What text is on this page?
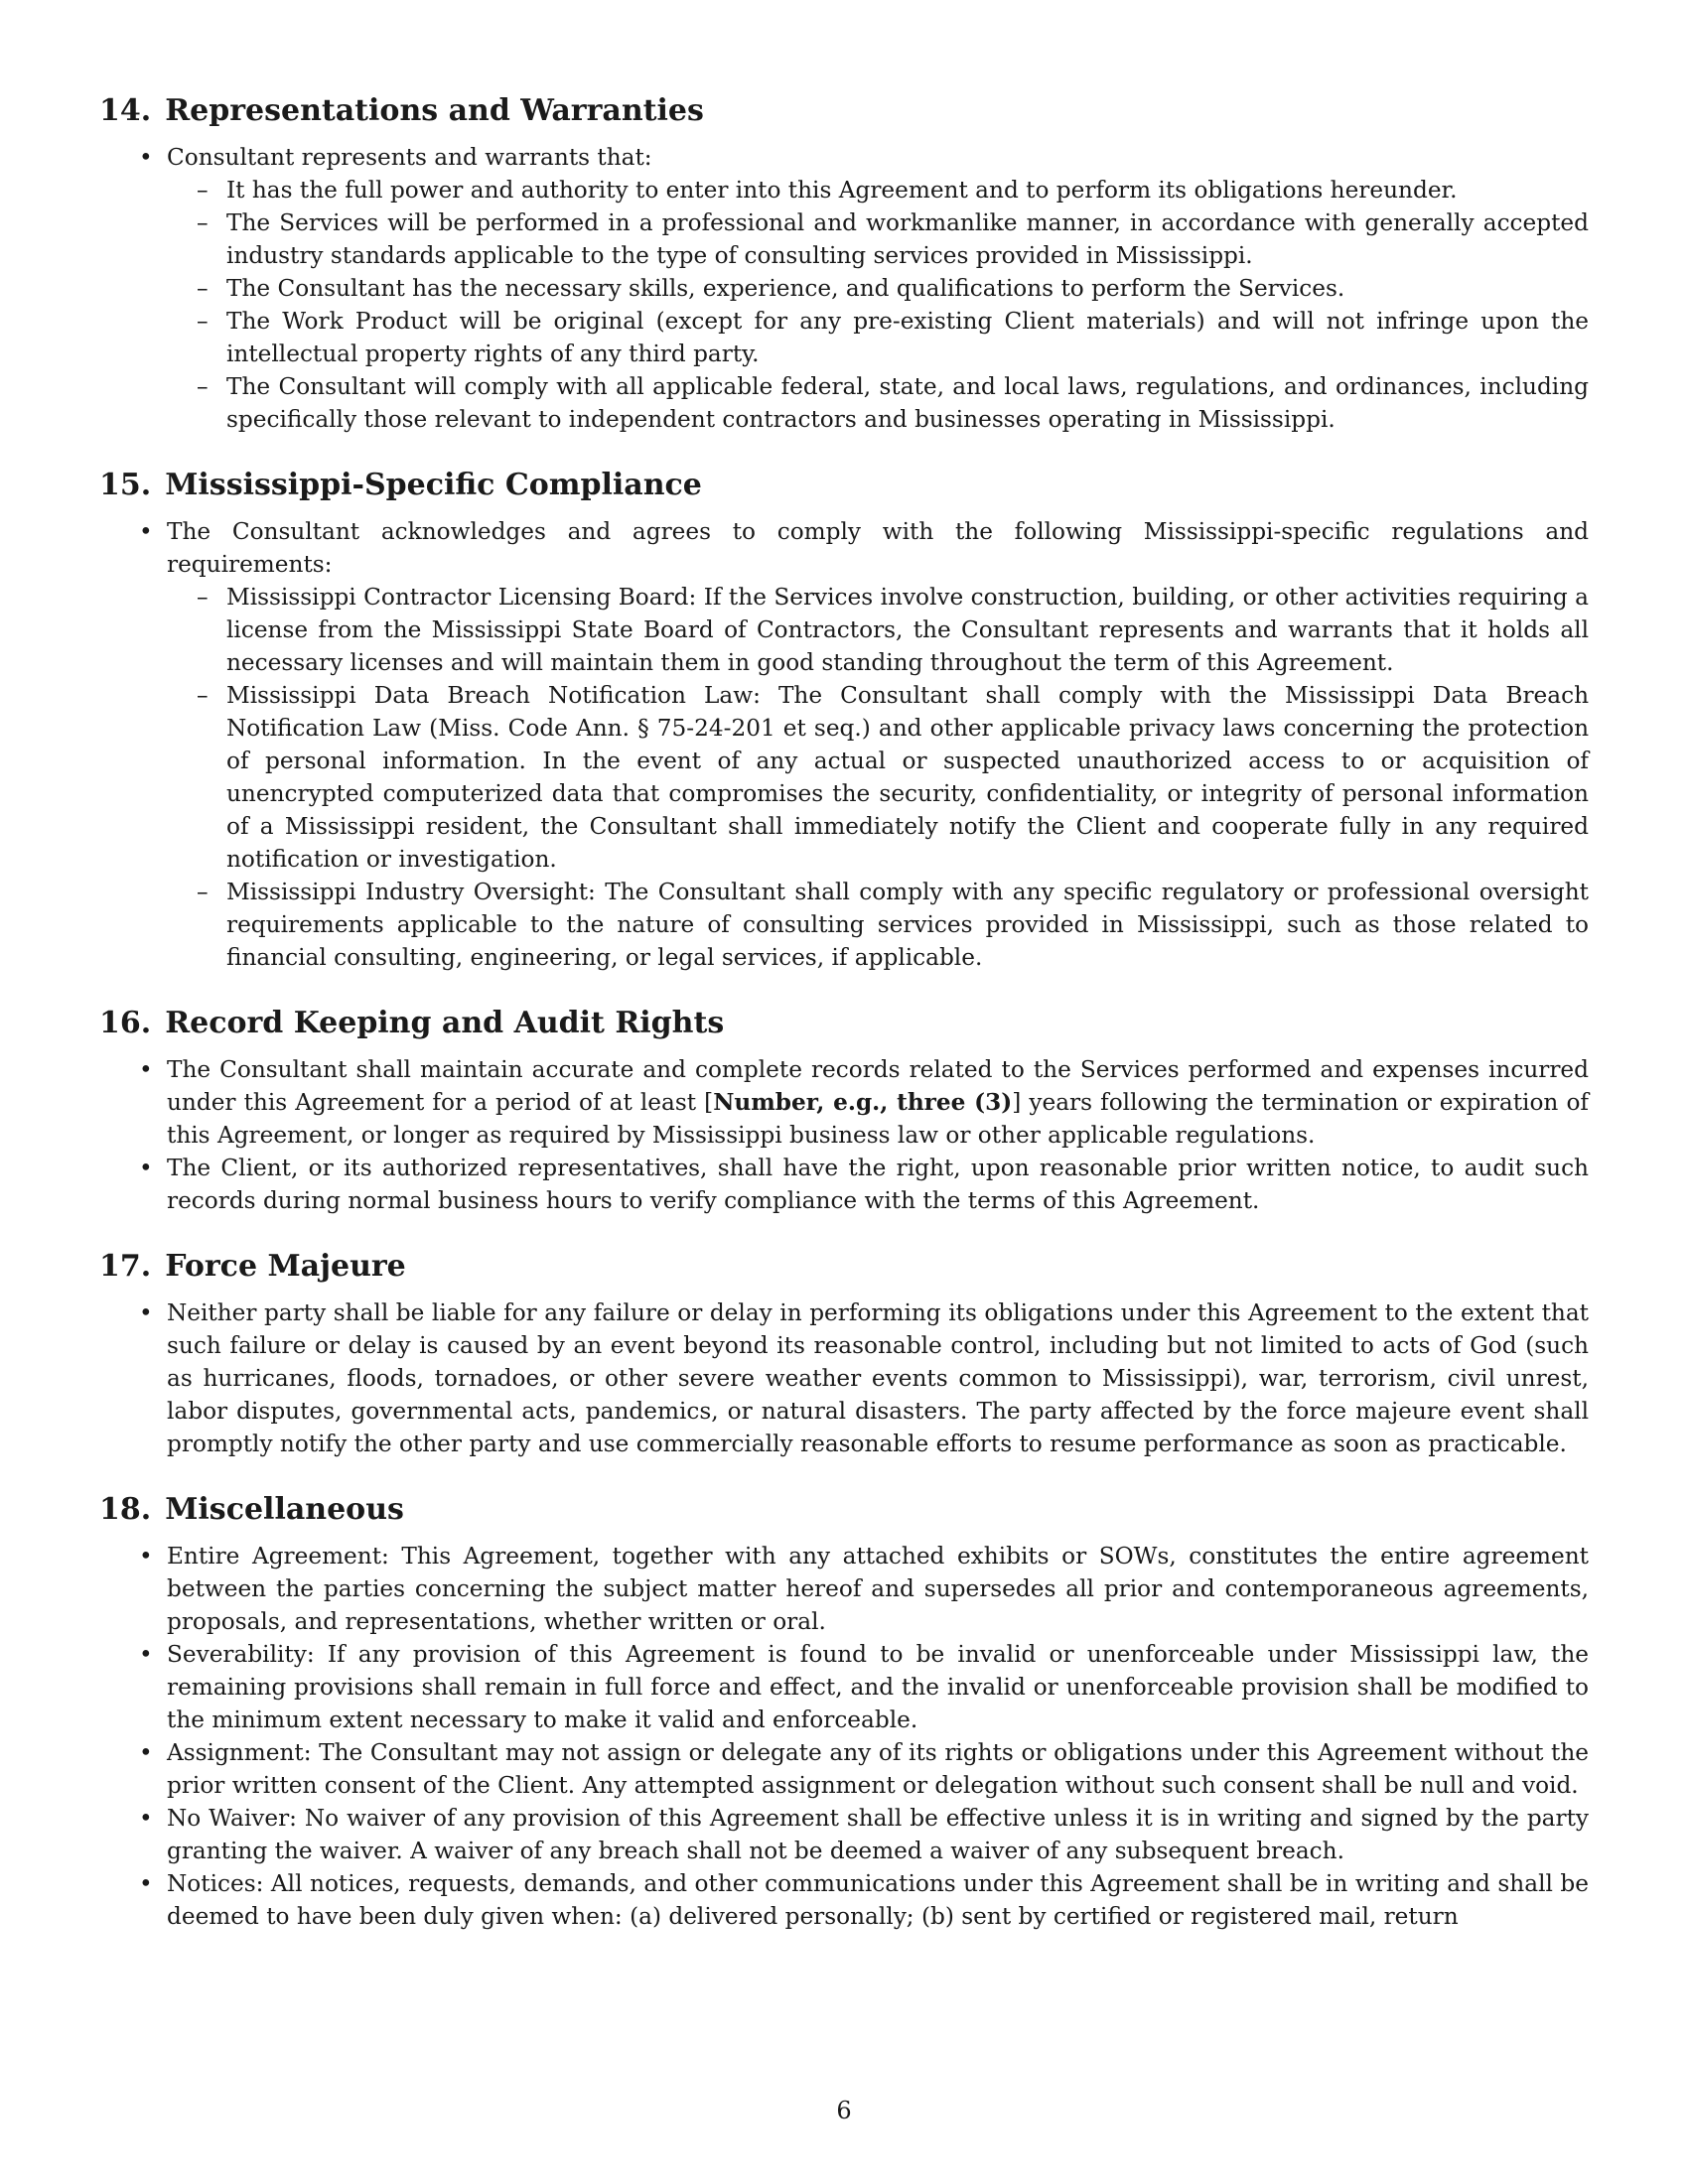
14. Representations and Warranties
• Consultant represents and warrants that:
– It has the full power and authority to enter into this Agreement and to perform its obligations hereunder.
– The Services will be performed in a professional and workmanlike manner, in accordance with generally accepted industry standards applicable to the type of consulting services provided in Mississippi.
– The Consultant has the necessary skills, experience, and qualifications to perform the Services.
– The Work Product will be original (except for any pre-existing Client materials) and will not infringe upon the intellectual property rights of any third party.
– The Consultant will comply with all applicable federal, state, and local laws, regulations, and ordinances, including specifically those relevant to independent contractors and businesses operating in Mississippi.
15. Mississippi-Specific Compliance
• The Consultant acknowledges and agrees to comply with the following Mississippi-specific regulations and requirements:
– Mississippi Contractor Licensing Board: If the Services involve construction, building, or other activities requiring a license from the Mississippi State Board of Contractors, the Consultant represents and warrants that it holds all necessary licenses and will maintain them in good standing throughout the term of this Agreement.
– Mississippi Data Breach Notification Law: The Consultant shall comply with the Mississippi Data Breach Notification Law (Miss. Code Ann. § 75-24-201 et seq.) and other applicable privacy laws concerning the protection of personal information. In the event of any actual or suspected unauthorized access to or acquisition of unencrypted computerized data that compromises the security, confidentiality, or integrity of personal information of a Mississippi resident, the Consultant shall immediately notify the Client and cooperate fully in any required notification or investigation.
– Mississippi Industry Oversight: The Consultant shall comply with any specific regulatory or professional oversight requirements applicable to the nature of consulting services provided in Mississippi, such as those related to financial consulting, engineering, or legal services, if applicable.
16. Record Keeping and Audit Rights
• The Consultant shall maintain accurate and complete records related to the Services performed and expenses incurred under this Agreement for a period of at least [Number, e.g., three (3)] years following the termination or expiration of this Agreement, or longer as required by Mississippi business law or other applicable regulations.
• The Client, or its authorized representatives, shall have the right, upon reasonable prior written notice, to audit such records during normal business hours to verify compliance with the terms of this Agreement.
17. Force Majeure
• Neither party shall be liable for any failure or delay in performing its obligations under this Agreement to the extent that such failure or delay is caused by an event beyond its reasonable control, including but not limited to acts of God (such as hurricanes, floods, tornadoes, or other severe weather events common to Mississippi), war, terrorism, civil unrest, labor disputes, governmental acts, pandemics, or natural disasters. The party affected by the force majeure event shall promptly notify the other party and use commercially reasonable efforts to resume performance as soon as practicable.
18. Miscellaneous
• Entire Agreement: This Agreement, together with any attached exhibits or SOWs, constitutes the entire agreement between the parties concerning the subject matter hereof and supersedes all prior and contemporaneous agreements, proposals, and representations, whether written or oral.
• Severability: If any provision of this Agreement is found to be invalid or unenforceable under Mississippi law, the remaining provisions shall remain in full force and effect, and the invalid or unenforceable provision shall be modified to the minimum extent necessary to make it valid and enforceable.
• Assignment: The Consultant may not assign or delegate any of its rights or obligations under this Agreement without the prior written consent of the Client. Any attempted assignment or delegation without such consent shall be null and void.
• No Waiver: No waiver of any provision of this Agreement shall be effective unless it is in writing and signed by the party granting the waiver. A waiver of any breach shall not be deemed a waiver of any subsequent breach.
• Notices: All notices, requests, demands, and other communications under this Agreement shall be in writing and shall be deemed to have been duly given when: (a) delivered personally; (b) sent by certified or registered mail, return
6
